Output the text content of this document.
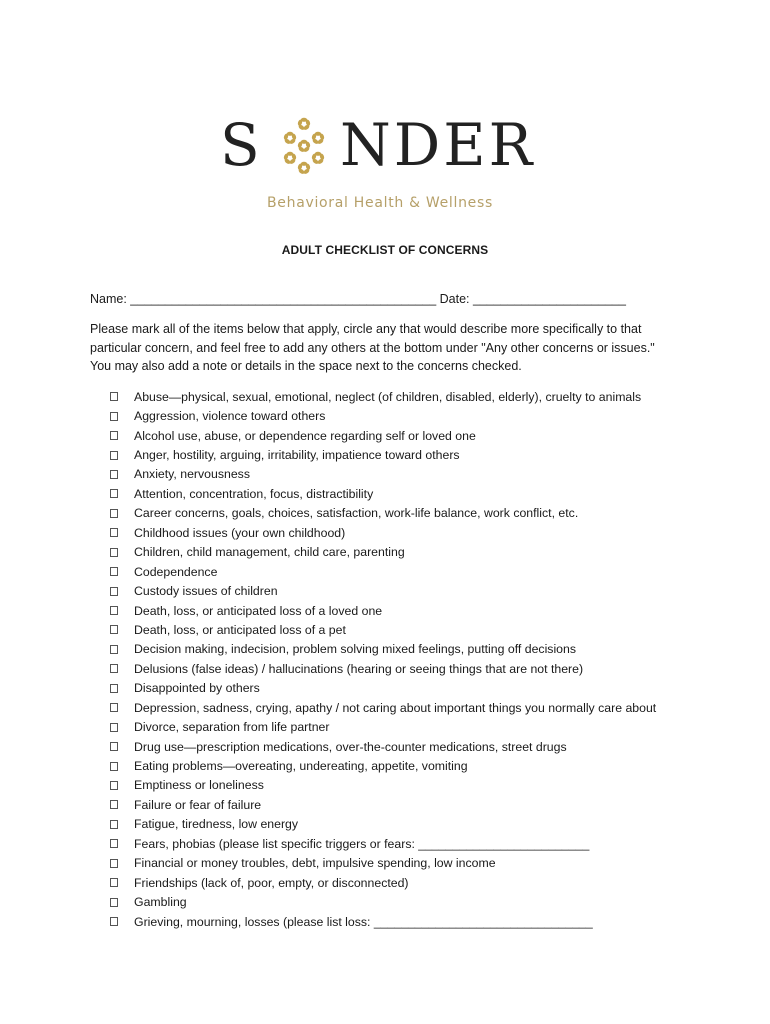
S NDER
Behavioral Health & Wellness
ADULT CHECKLIST OF CONCERNS
Name: ____________________________________________ Date: ______________________
Please mark all of the items below that apply, circle any that would describe more specifically to that
particular concern, and feel free to add any others at the bottom under "Any other concerns or issues."
You may also add a note or details in the space next to the concerns checked.
Abuse—physical, sexual, emotional, neglect (of children, disabled, elderly), cruelty to animals
Aggression, violence toward others
Alcohol use, abuse, or dependence regarding self or loved one
Anger, hostility, arguing, irritability, impatience toward others
Anxiety, nervousness
Attention, concentration, focus, distractibility
Career concerns, goals, choices, satisfaction, work-life balance, work conflict, etc.
Childhood issues (your own childhood)
Children, child management, child care, parenting
Codependence
Custody issues of children
Death, loss, or anticipated loss of a loved one
Death, loss, or anticipated loss of a pet
Decision making, indecision, problem solving mixed feelings, putting off decisions
Delusions (false ideas) / hallucinations (hearing or seeing things that are not there)
Disappointed by others
Depression, sadness, crying, apathy / not caring about important things you normally care about
Divorce, separation from life partner
Drug use—prescription medications, over-the-counter medications, street drugs
Eating problems—overeating, undereating, appetite, vomiting
Emptiness or loneliness
Failure or fear of failure
Fatigue, tiredness, low energy
Fears, phobias (please list specific triggers or fears: _________________________
Financial or money troubles, debt, impulsive spending, low income
Friendships (lack of, poor, empty, or disconnected)
Gambling
Grieving, mourning, losses (please list loss: ________________________________
